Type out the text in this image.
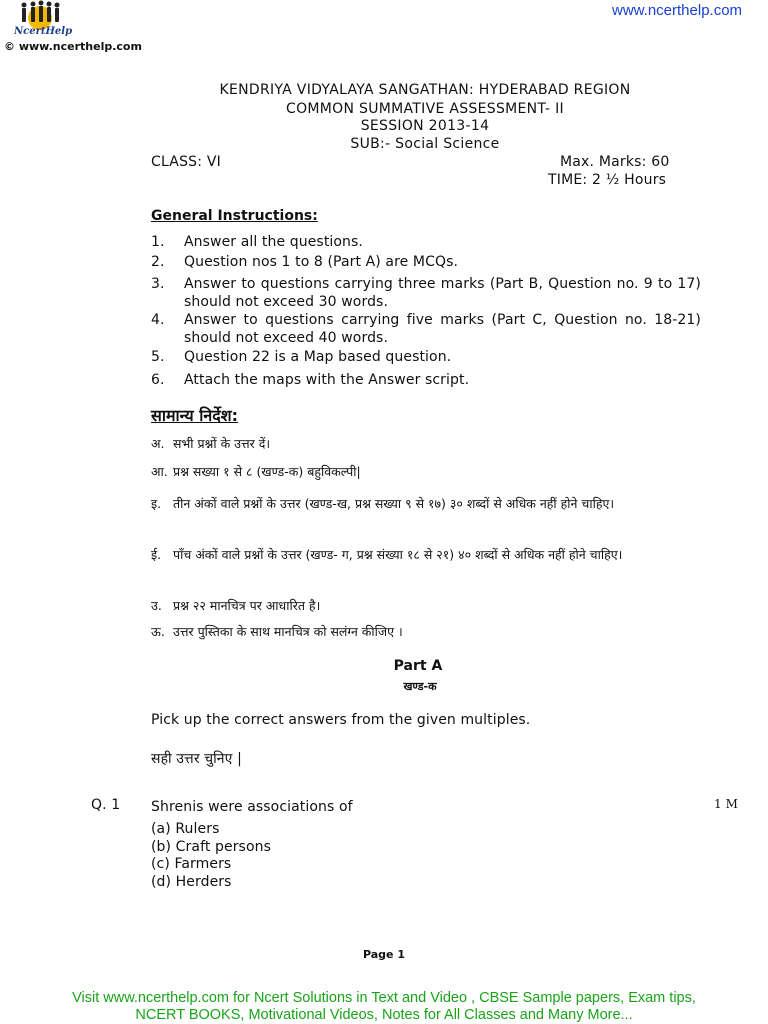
NcertHelp
© www.ncerthelp.com
www.ncerthelp.com
KENDRIYA VIDYALAYA SANGATHAN: HYDERABAD REGION
COMMON SUMMATIVE ASSESSMENT- II
SESSION 2013-14
SUB:- Social Science
CLASS: VI	Max. Marks: 60
TIME: 2 ½ Hours
General Instructions:
1. Answer all the questions.
2. Question nos 1 to 8 (Part A) are MCQs.
3. Answer to questions carrying three marks (Part B, Question no. 9 to 17) should not exceed 30 words.
4. Answer to questions carrying five marks (Part C, Question no. 18-21) should not exceed 40 words.
5. Question 22 is a Map based question.
6. Attach the maps with the Answer script.
सामान्य निर्देश:
अ. सभी प्रश्नों के उत्तर दें।
आ. प्रश्न सख्या १ से ८ (खण्ड-क) बहुविकल्पी|
इ. तीन अंकों वाले प्रश्नों के उत्तर (खण्ड-ख, प्रश्न सख्या ९ से १७) ३० शब्दों से अधिक नहीं होने चाहिए।
ई. पाँच अंकों वाले प्रश्नों के उत्तर (खण्ड- ग, प्रश्न संख्या १८ से २१) ४० शब्दों से अधिक नहीं होने चाहिए।
उ. प्रश्न २२ मानचित्र पर आधारित है।
ऊ. उत्तर पुस्तिका के साथ मानचित्र को सलंग्न कीजिए ।
Part A
खण्ड-क
Pick up the correct answers from the given multiples.
सही उत्तर चुनिए |
Q. 1 Shrenis were associations of	1 M
(a) Rulers
(b) Craft persons
(c) Farmers
(d) Herders
Page 1
Visit www.ncerthelp.com for Ncert Solutions in Text and Video , CBSE Sample papers, Exam tips,
NCERT BOOKS, Motivational Videos, Notes for All Classes and Many More...
